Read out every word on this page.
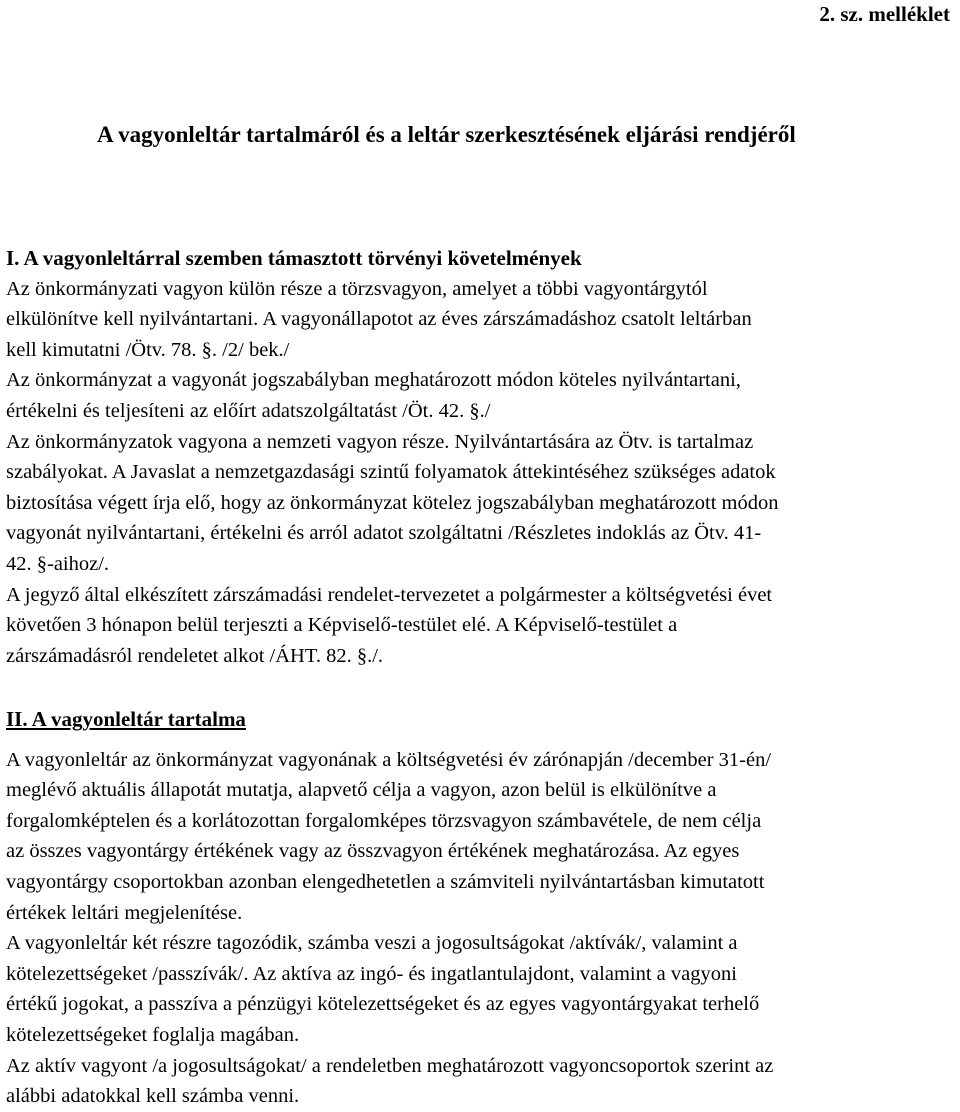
2. sz. melléklet
A vagyonleltár tartalmáról és a leltár szerkesztésének eljárási rendjéről
I. A vagyonleltárral szemben támasztott törvényi követelmények
Az önkormányzati vagyon külön része a törzsvagyon, amelyet a többi vagyontárgytól
elkülönítve kell nyilvántartani. A vagyonállapotot az éves zárszámadáshoz csatolt leltárban
kell kimutatni /Ötv. 78. §. /2/ bek./
Az önkormányzat a vagyonát jogszabályban meghatározott módon köteles nyilvántartani,
értékelni és teljesíteni az előírt adatszolgáltatást /Öt. 42. §./
Az önkormányzatok vagyona a nemzeti vagyon része. Nyilvántartására az Ötv. is tartalmaz
szabályokat. A Javaslat a nemzetgazdasági szintű folyamatok áttekintéséhez szükséges adatok
biztosítása végett írja elő, hogy az önkormányzat kötelez jogszabályban meghatározott módon
vagyonát nyilvántartani, értékelni és arról adatot szolgáltatni /Részletes indoklás az Ötv. 41-
42. §-aihoz/.
A jegyző által elkészített zárszámadási rendelet-tervezetet a polgármester a költségvetési évet
követően 3 hónapon belül terjeszti a Képviselő-testület elé. A Képviselő-testület a
zárszámadásról rendeletet alkot /ÁHT. 82. §./.
II. A vagyonleltár tartalma
A vagyonleltár az önkormányzat vagyonának a költségvetési év zárónapján /december 31-én/
meglévő aktuális állapotát mutatja, alapvető célja a vagyon, azon belül is elkülönítve a
forgalomképtelen és a korlátozottan forgalomképes törzsvagyon számbavétele, de nem célja
az összes vagyontárgy értékének vagy az összvagyon értékének meghatározása. Az egyes
vagyontárgy csoportokban azonban elengedhetetlen a számviteli nyilvántartásban kimutatott
értékek leltári megjelenítése.
A vagyonleltár két részre tagozódik, számba veszi a jogosultságokat /aktívák/, valamint a
kötelezettségeket /passzívák/. Az aktíva az ingó- és ingatlantulajdont, valamint a vagyoni
értékű jogokat, a passzíva a pénzügyi kötelezettségeket és az egyes vagyontárgyakat terhelő
kötelezettségeket foglalja magában.
Az aktív vagyont /a jogosultságokat/ a rendeletben meghatározott vagyoncsoportok szerint az
alábbi adatokkal kell számba venni.
